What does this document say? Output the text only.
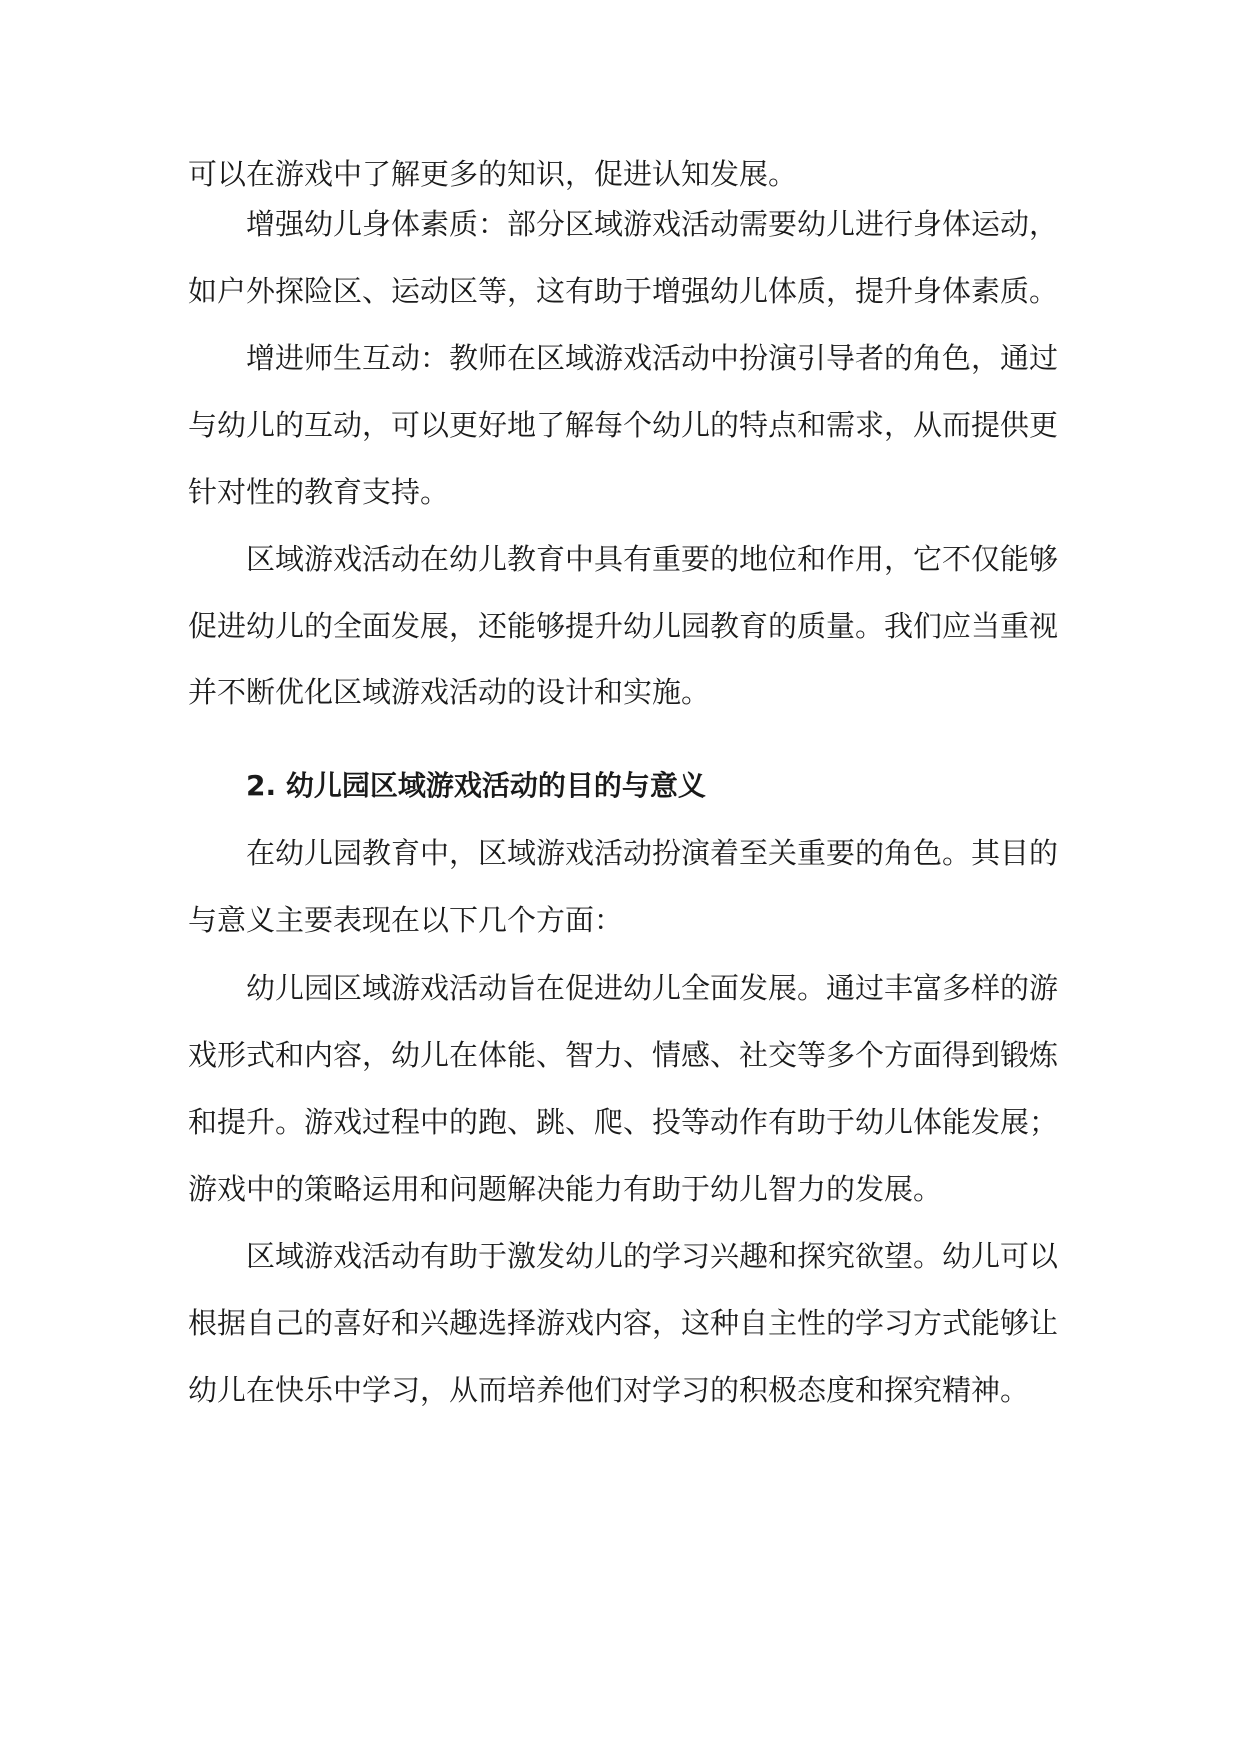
可以在游戏中了解更多的知识，促进认知发展。
增强幼儿身体素质：部分区域游戏活动需要幼儿进行身体运动，
如户外探险区、运动区等，这有助于增强幼儿体质，提升身体素质。
增进师生互动：教师在区域游戏活动中扮演引导者的角色，通过
与幼儿的互动，可以更好地了解每个幼儿的特点和需求，从而提供更
针对性的教育支持。
区域游戏活动在幼儿教育中具有重要的地位和作用，它不仅能够
促进幼儿的全面发展，还能够提升幼儿园教育的质量。我们应当重视
并不断优化区域游戏活动的设计和实施。
2. 幼儿园区域游戏活动的目的与意义
在幼儿园教育中，区域游戏活动扮演着至关重要的角色。其目的
与意义主要表现在以下几个方面：
幼儿园区域游戏活动旨在促进幼儿全面发展。通过丰富多样的游
戏形式和内容，幼儿在体能、智力、情感、社交等多个方面得到锻炼
和提升。游戏过程中的跑、跳、爬、投等动作有助于幼儿体能发展；
游戏中的策略运用和问题解决能力有助于幼儿智力的发展。
区域游戏活动有助于激发幼儿的学习兴趣和探究欲望。幼儿可以
根据自己的喜好和兴趣选择游戏内容，这种自主性的学习方式能够让
幼儿在快乐中学习，从而培养他们对学习的积极态度和探究精神。
